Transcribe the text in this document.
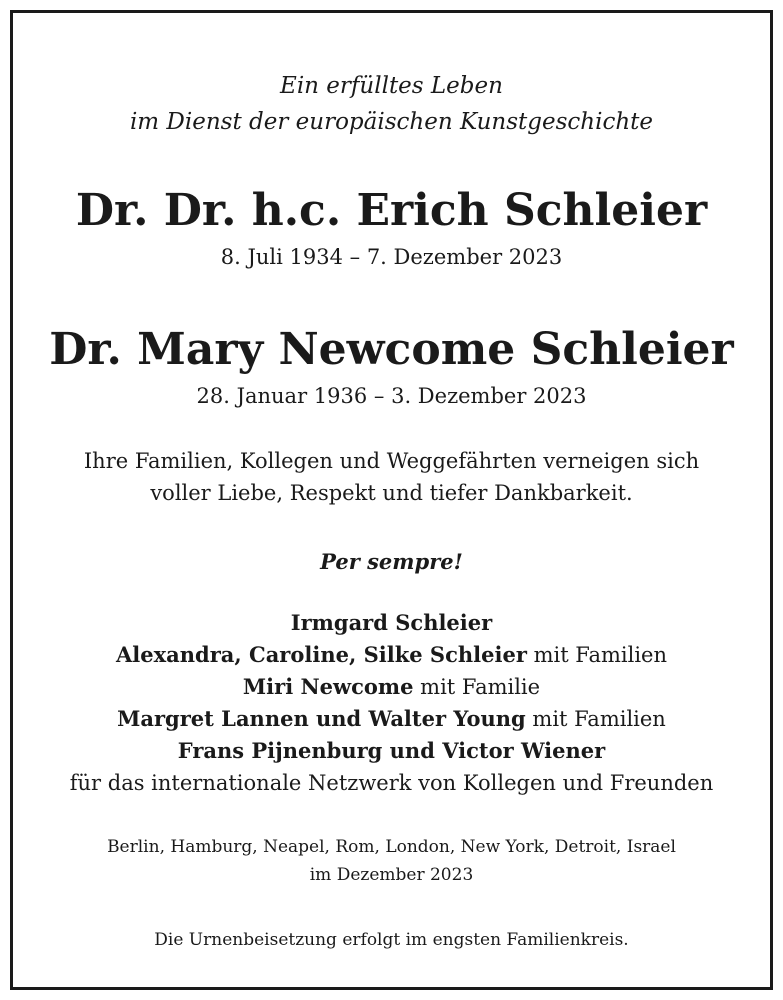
Ein erfülltes Leben
im Dienst der europäischen Kunstgeschichte
Dr. Dr. h.c. Erich Schleier
8. Juli 1934 – 7. Dezember 2023
Dr. Mary Newcome Schleier
28. Januar 1936 – 3. Dezember 2023
Ihre Familien, Kollegen und Weggefährten verneigen sich
voller Liebe, Respekt und tiefer Dankbarkeit.
Per sempre!
Irmgard Schleier
Alexandra, Caroline, Silke Schleier mit Familien
Miri Newcome mit Familie
Margret Lannen und Walter Young mit Familien
Frans Pijnenburg und Victor Wiener
für das internationale Netzwerk von Kollegen und Freunden
Berlin, Hamburg, Neapel, Rom, London, New York, Detroit, Israel
im Dezember 2023
Die Urnenbeisetzung erfolgt im engsten Familienkreis.
